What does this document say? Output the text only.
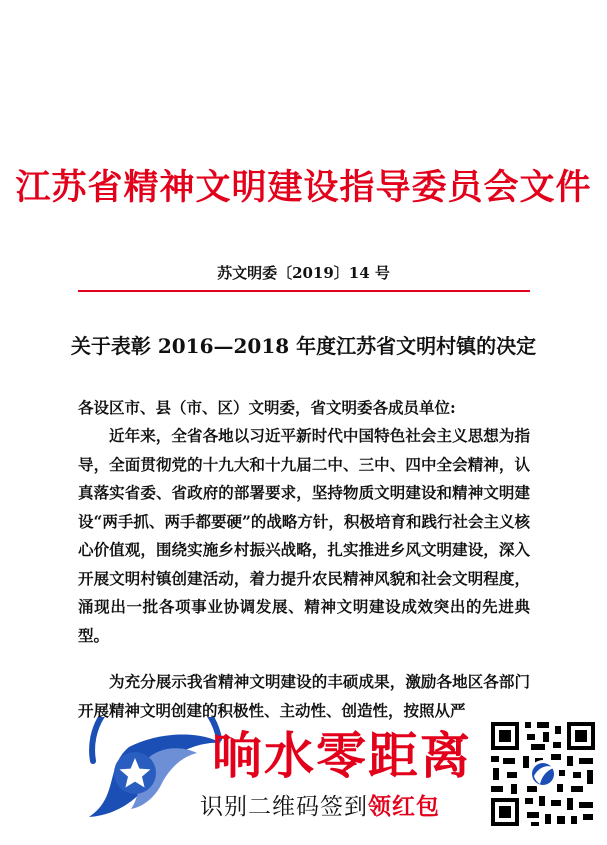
江苏省精神文明建设指导委员会文件
苏文明委〔2019〕14 号
关于表彰 2016—2018 年度江苏省文明村镇的决定
各设区市、县（市、区）文明委，省文明委各成员单位:
近年来，全省各地以习近平新时代中国特色社会主义思想为指导，全面贯彻党的十九大和十九届二中、三中、四中全会精神，认真落实省委、省政府的部署要求，坚持物质文明建设和精神文明建设“两手抓、两手都要硬”的战略方针，积极培育和践行社会主义核心价值观，围绕实施乡村振兴战略，扎实推进乡风文明建设，深入开展文明村镇创建活动，着力提升农民精神风貌和社会文明程度，涌现出一批各项事业协调发展、精神文明建设成效突出的先进典型。
为充分展示我省精神文明建设的丰硕成果，激励各地区各部门开展精神文明创建的积极性、主动性、创造性，按照从严
响水零距离
识别二维码签到领红包
